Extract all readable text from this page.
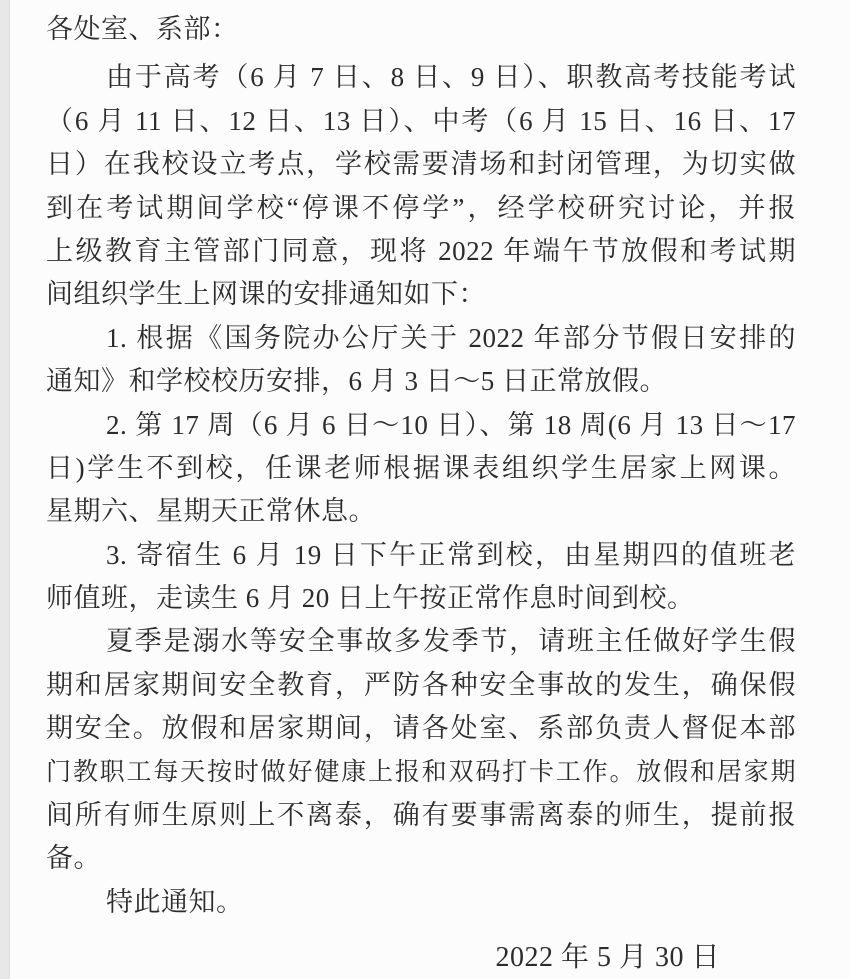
各处室、系部：
由于高考（6 月 7 日、8 日、9 日）、职教高考技能考试
（6 月 11 日、12 日、13 日）、中考（6 月 15 日、16 日、17
日）在我校设立考点，学校需要清场和封闭管理，为切实做
到在考试期间学校“停课不停学”，经学校研究讨论，并报
上级教育主管部门同意，现将 2022 年端午节放假和考试期
间组织学生上网课的安排通知如下：
1. 根据《国务院办公厅关于 2022 年部分节假日安排的
通知》和学校校历安排，6 月 3 日～5 日正常放假。
2. 第 17 周（6 月 6 日～10 日）、第 18 周(6 月 13 日～17
日)学生不到校，任课老师根据课表组织学生居家上网课。
星期六、星期天正常休息。
3. 寄宿生 6 月 19 日下午正常到校，由星期四的值班老
师值班，走读生 6 月 20 日上午按正常作息时间到校。
夏季是溺水等安全事故多发季节，请班主任做好学生假
期和居家期间安全教育，严防各种安全事故的发生，确保假
期安全。放假和居家期间，请各处室、系部负责人督促本部
门教职工每天按时做好健康上报和双码打卡工作。放假和居家期
间所有师生原则上不离泰，确有要事需离泰的师生，提前报
备。
特此通知。
2022 年 5 月 30 日
